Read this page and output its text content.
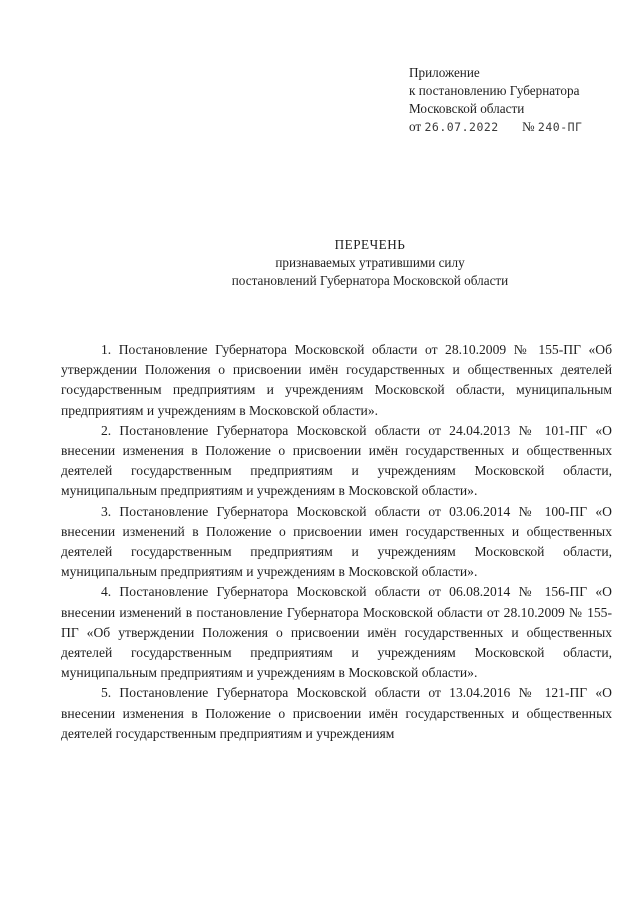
Приложение
к постановлению Губернатора
Московской области
от 26.07.2022 № 240-ПГ
ПЕРЕЧЕНЬ
признаваемых утратившими силу
постановлений Губернатора Московской области

1. Постановление Губернатора Московской области от 28.10.2009 № 155-ПГ «Об утверждении Положения о присвоении имён государственных и общественных деятелей государственным предприятиям и учреждениям Московской области, муниципальным предприятиям и учреждениям в Московской области».

2. Постановление Губернатора Московской области от 24.04.2013 № 101-ПГ «О внесении изменения в Положение о присвоении имён государственных и общественных деятелей государственным предприятиям и учреждениям Московской области, муниципальным предприятиям и учреждениям в Московской области».

3. Постановление Губернатора Московской области от 03.06.2014 № 100-ПГ «О внесении изменений в Положение о присвоении имен государственных и общественных деятелей государственным предприятиям и учреждениям Московской области, муниципальным предприятиям и учреждениям в Московской области».

4. Постановление Губернатора Московской области от 06.08.2014 № 156-ПГ «О внесении изменений в постановление Губернатора Московской области от 28.10.2009 № 155-ПГ «Об утверждении Положения о присвоении имён государственных и общественных деятелей государственным предприятиям и учреждениям Московской области, муниципальным предприятиям и учреждениям в Московской области».

5. Постановление Губернатора Московской области от 13.04.2016 № 121-ПГ «О внесении изменения в Положение о присвоении имён государственных и общественных деятелей государственным предприятиям и учреждениям
